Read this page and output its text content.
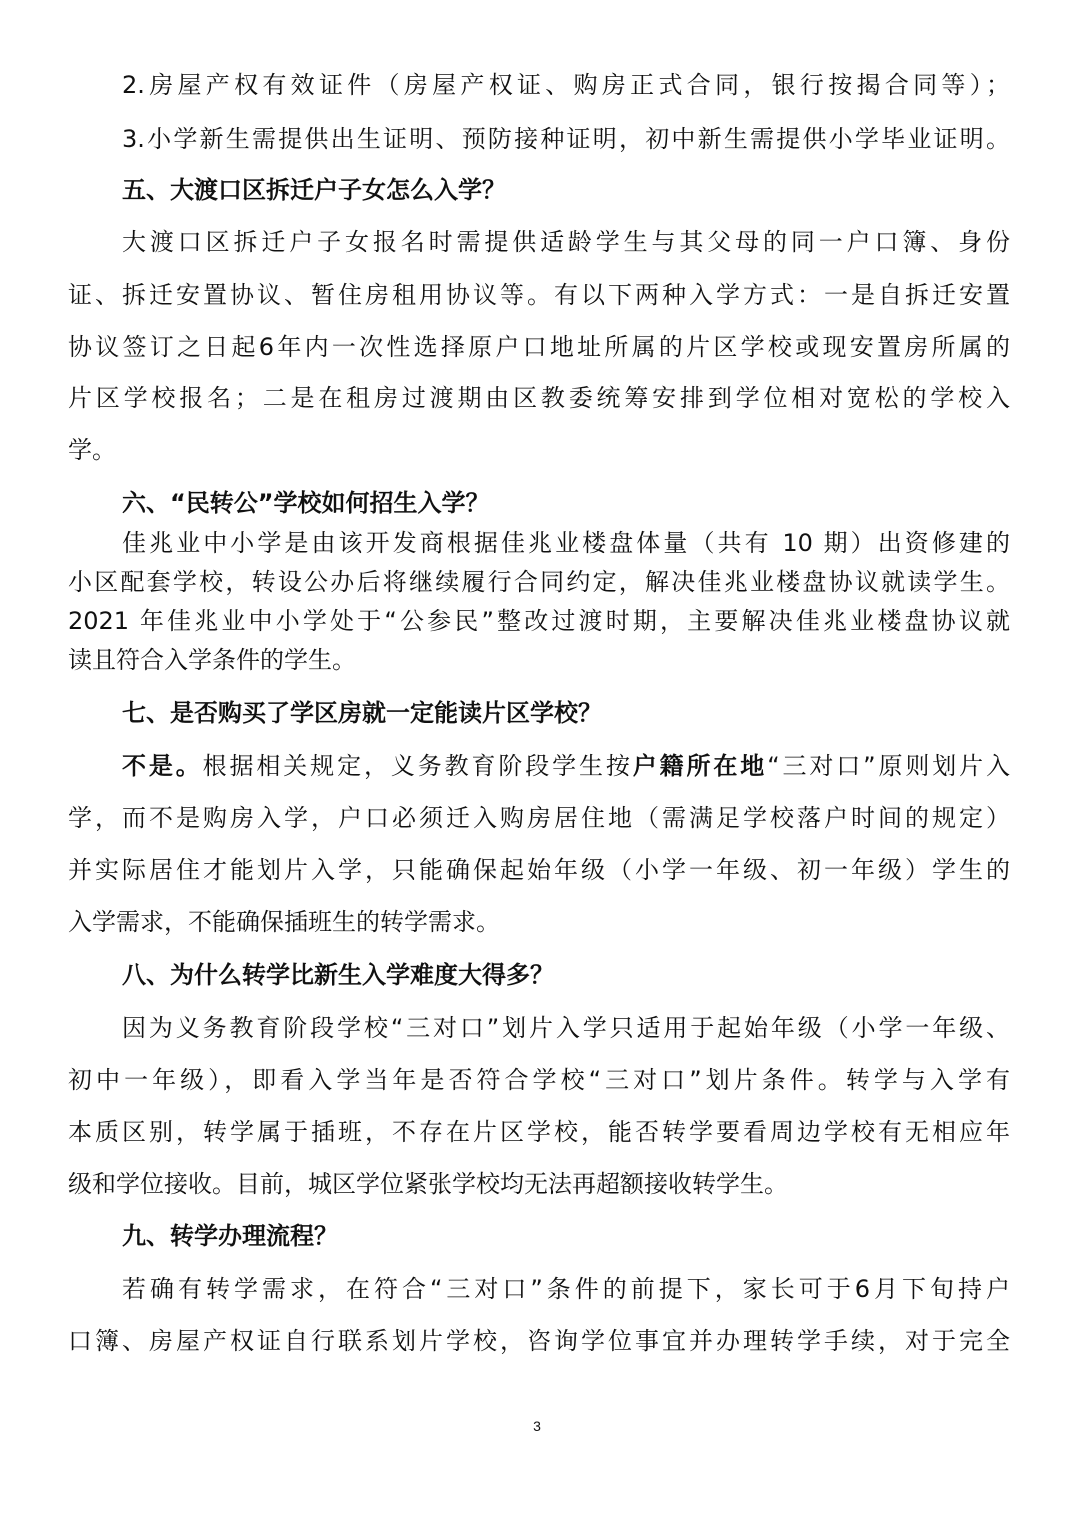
2.房屋产权有效证件（房屋产权证、购房正式合同，银行按揭合同等）；
3.小学新生需提供出生证明、预防接种证明，初中新生需提供小学毕业证明。
五、大渡口区拆迁户子女怎么入学？
大渡口区拆迁户子女报名时需提供适龄学生与其父母的同一户口簿、身份
证、拆迁安置协议、暂住房租用协议等。有以下两种入学方式：一是自拆迁安置
协议签订之日起6年内一次性选择原户口地址所属的片区学校或现安置房所属的
片区学校报名；二是在租房过渡期由区教委统筹安排到学位相对宽松的学校入
学。
六、“民转公”学校如何招生入学？
佳兆业中小学是由该开发商根据佳兆业楼盘体量（共有 10 期）出资修建的
小区配套学校，转设公办后将继续履行合同约定，解决佳兆业楼盘协议就读学生。
2021 年佳兆业中小学处于“公参民”整改过渡时期，主要解决佳兆业楼盘协议就
读且符合入学条件的学生。
七、是否购买了学区房就一定能读片区学校？
不是。根据相关规定，义务教育阶段学生按户籍所在地“三对口”原则划片入
学，而不是购房入学，户口必须迁入购房居住地（需满足学校落户时间的规定）
并实际居住才能划片入学，只能确保起始年级（小学一年级、初一年级）学生的
入学需求，不能确保插班生的转学需求。
八、为什么转学比新生入学难度大得多？
因为义务教育阶段学校“三对口”划片入学只适用于起始年级（小学一年级、
初中一年级），即看入学当年是否符合学校“三对口”划片条件。转学与入学有
本质区别，转学属于插班，不存在片区学校，能否转学要看周边学校有无相应年
级和学位接收。目前，城区学位紧张学校均无法再超额接收转学生。
九、转学办理流程？
若确有转学需求，在符合“三对口”条件的前提下，家长可于6月下旬持户
口簿、房屋产权证自行联系划片学校，咨询学位事宜并办理转学手续，对于完全
3
